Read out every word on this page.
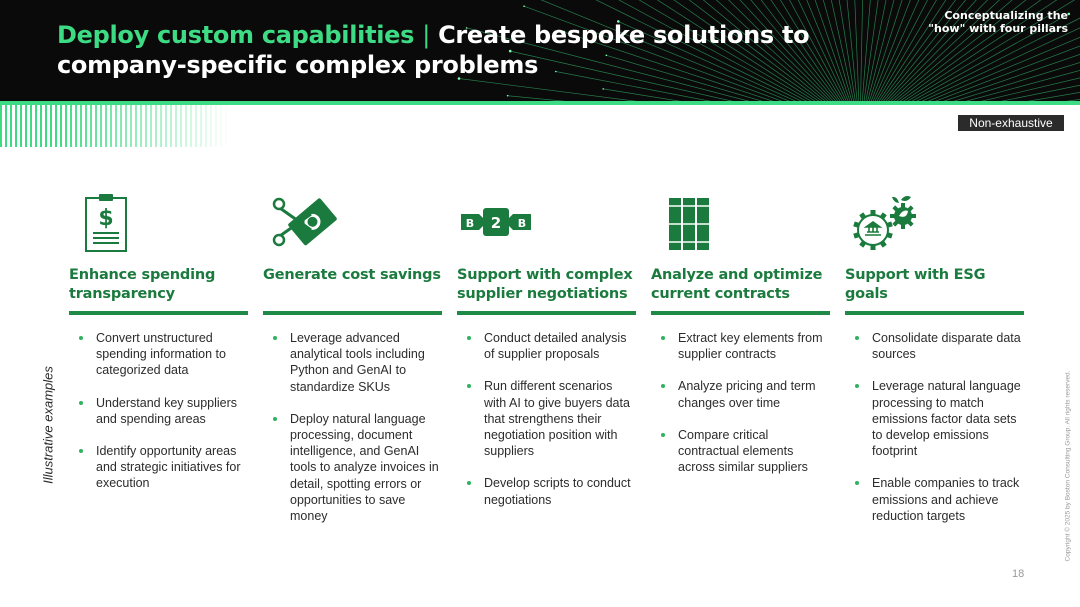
Deploy custom capabilities | Create bespoke solutions to company-specific complex problems
Conceptualizing the
"how" with four pillars
Non-exhaustive
Illustrative examples	Copyright © 2025 by Boston Consulting Group. All rights reserved.
18
$
Enhance spending transparency
Convert unstructured spending information to categorized data
Understand key suppliers and spending areas
Identify opportunity areas and strategic initiatives for execution
Generate cost savings
Leverage advanced analytical tools including Python and GenAI to standardize SKUs
Deploy natural language processing, document intelligence, and GenAI tools to analyze invoices in detail, spotting errors or opportunities to save money
B	B
2
Support with complex supplier negotiations
Conduct detailed analysis of supplier proposals
Run different scenarios with AI to give buyers data that strengthens their negotiation position with suppliers
Develop scripts to conduct negotiations
Analyze and optimize current contracts
Extract key elements from supplier contracts
Analyze pricing and term changes over time
Compare critical contractual elements across similar suppliers
Support with ESG goals
Consolidate disparate data sources
Leverage natural language processing to match emissions factor data sets to develop emissions footprint
Enable companies to track emissions and achieve reduction targets
